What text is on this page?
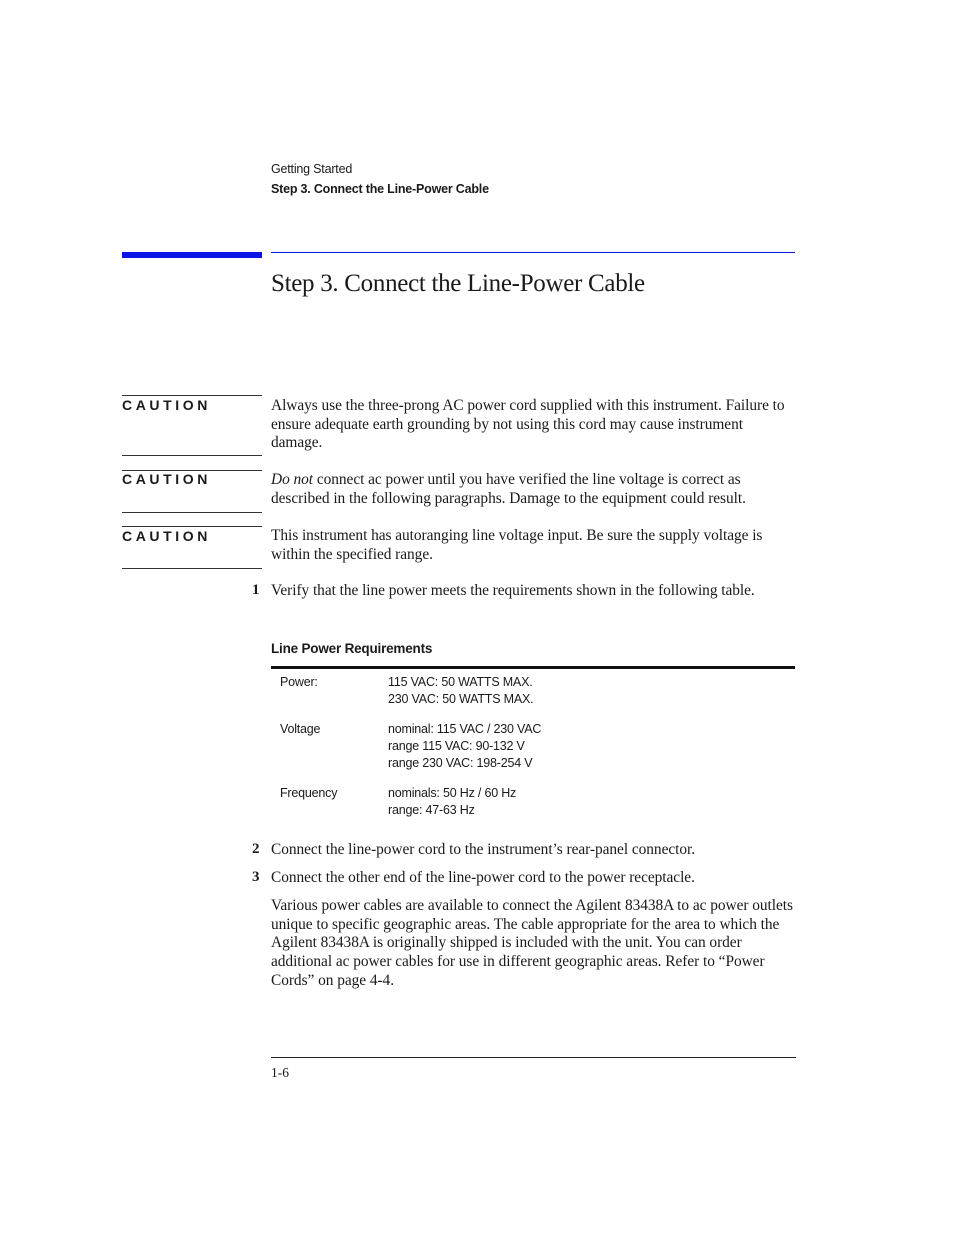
Getting Started
Step 3. Connect the Line-Power Cable
Step 3. Connect the Line-Power Cable
CAUTION	Always use the three-prong AC power cord supplied with this instrument. Failure to ensure adequate earth grounding by not using this cord may cause instrument damage.
CAUTION	Do not connect ac power until you have verified the line voltage is correct as described in the following paragraphs. Damage to the equipment could result.
CAUTION	This instrument has autoranging line voltage input. Be sure the supply voltage is within the specified range.
1 Verify that the line power meets the requirements shown in the following table.
Line Power Requirements
Power:	115 VAC: 50 WATTS MAX.
230 VAC: 50 WATTS MAX.
Voltage	nominal: 115 VAC / 230 VAC
range 115 VAC: 90-132 V
range 230 VAC: 198-254 V
Frequency	nominals: 50 Hz / 60 Hz
range: 47-63 Hz
2 Connect the line-power cord to the instrument’s rear-panel connector.
3 Connect the other end of the line-power cord to the power receptacle.
Various power cables are available to connect the Agilent 83438A to ac power outlets unique to specific geographic areas. The cable appropriate for the area to which the Agilent 83438A is originally shipped is included with the unit. You can order additional ac power cables for use in different geographic areas. Refer to “Power Cords” on page 4-4.
1-6
